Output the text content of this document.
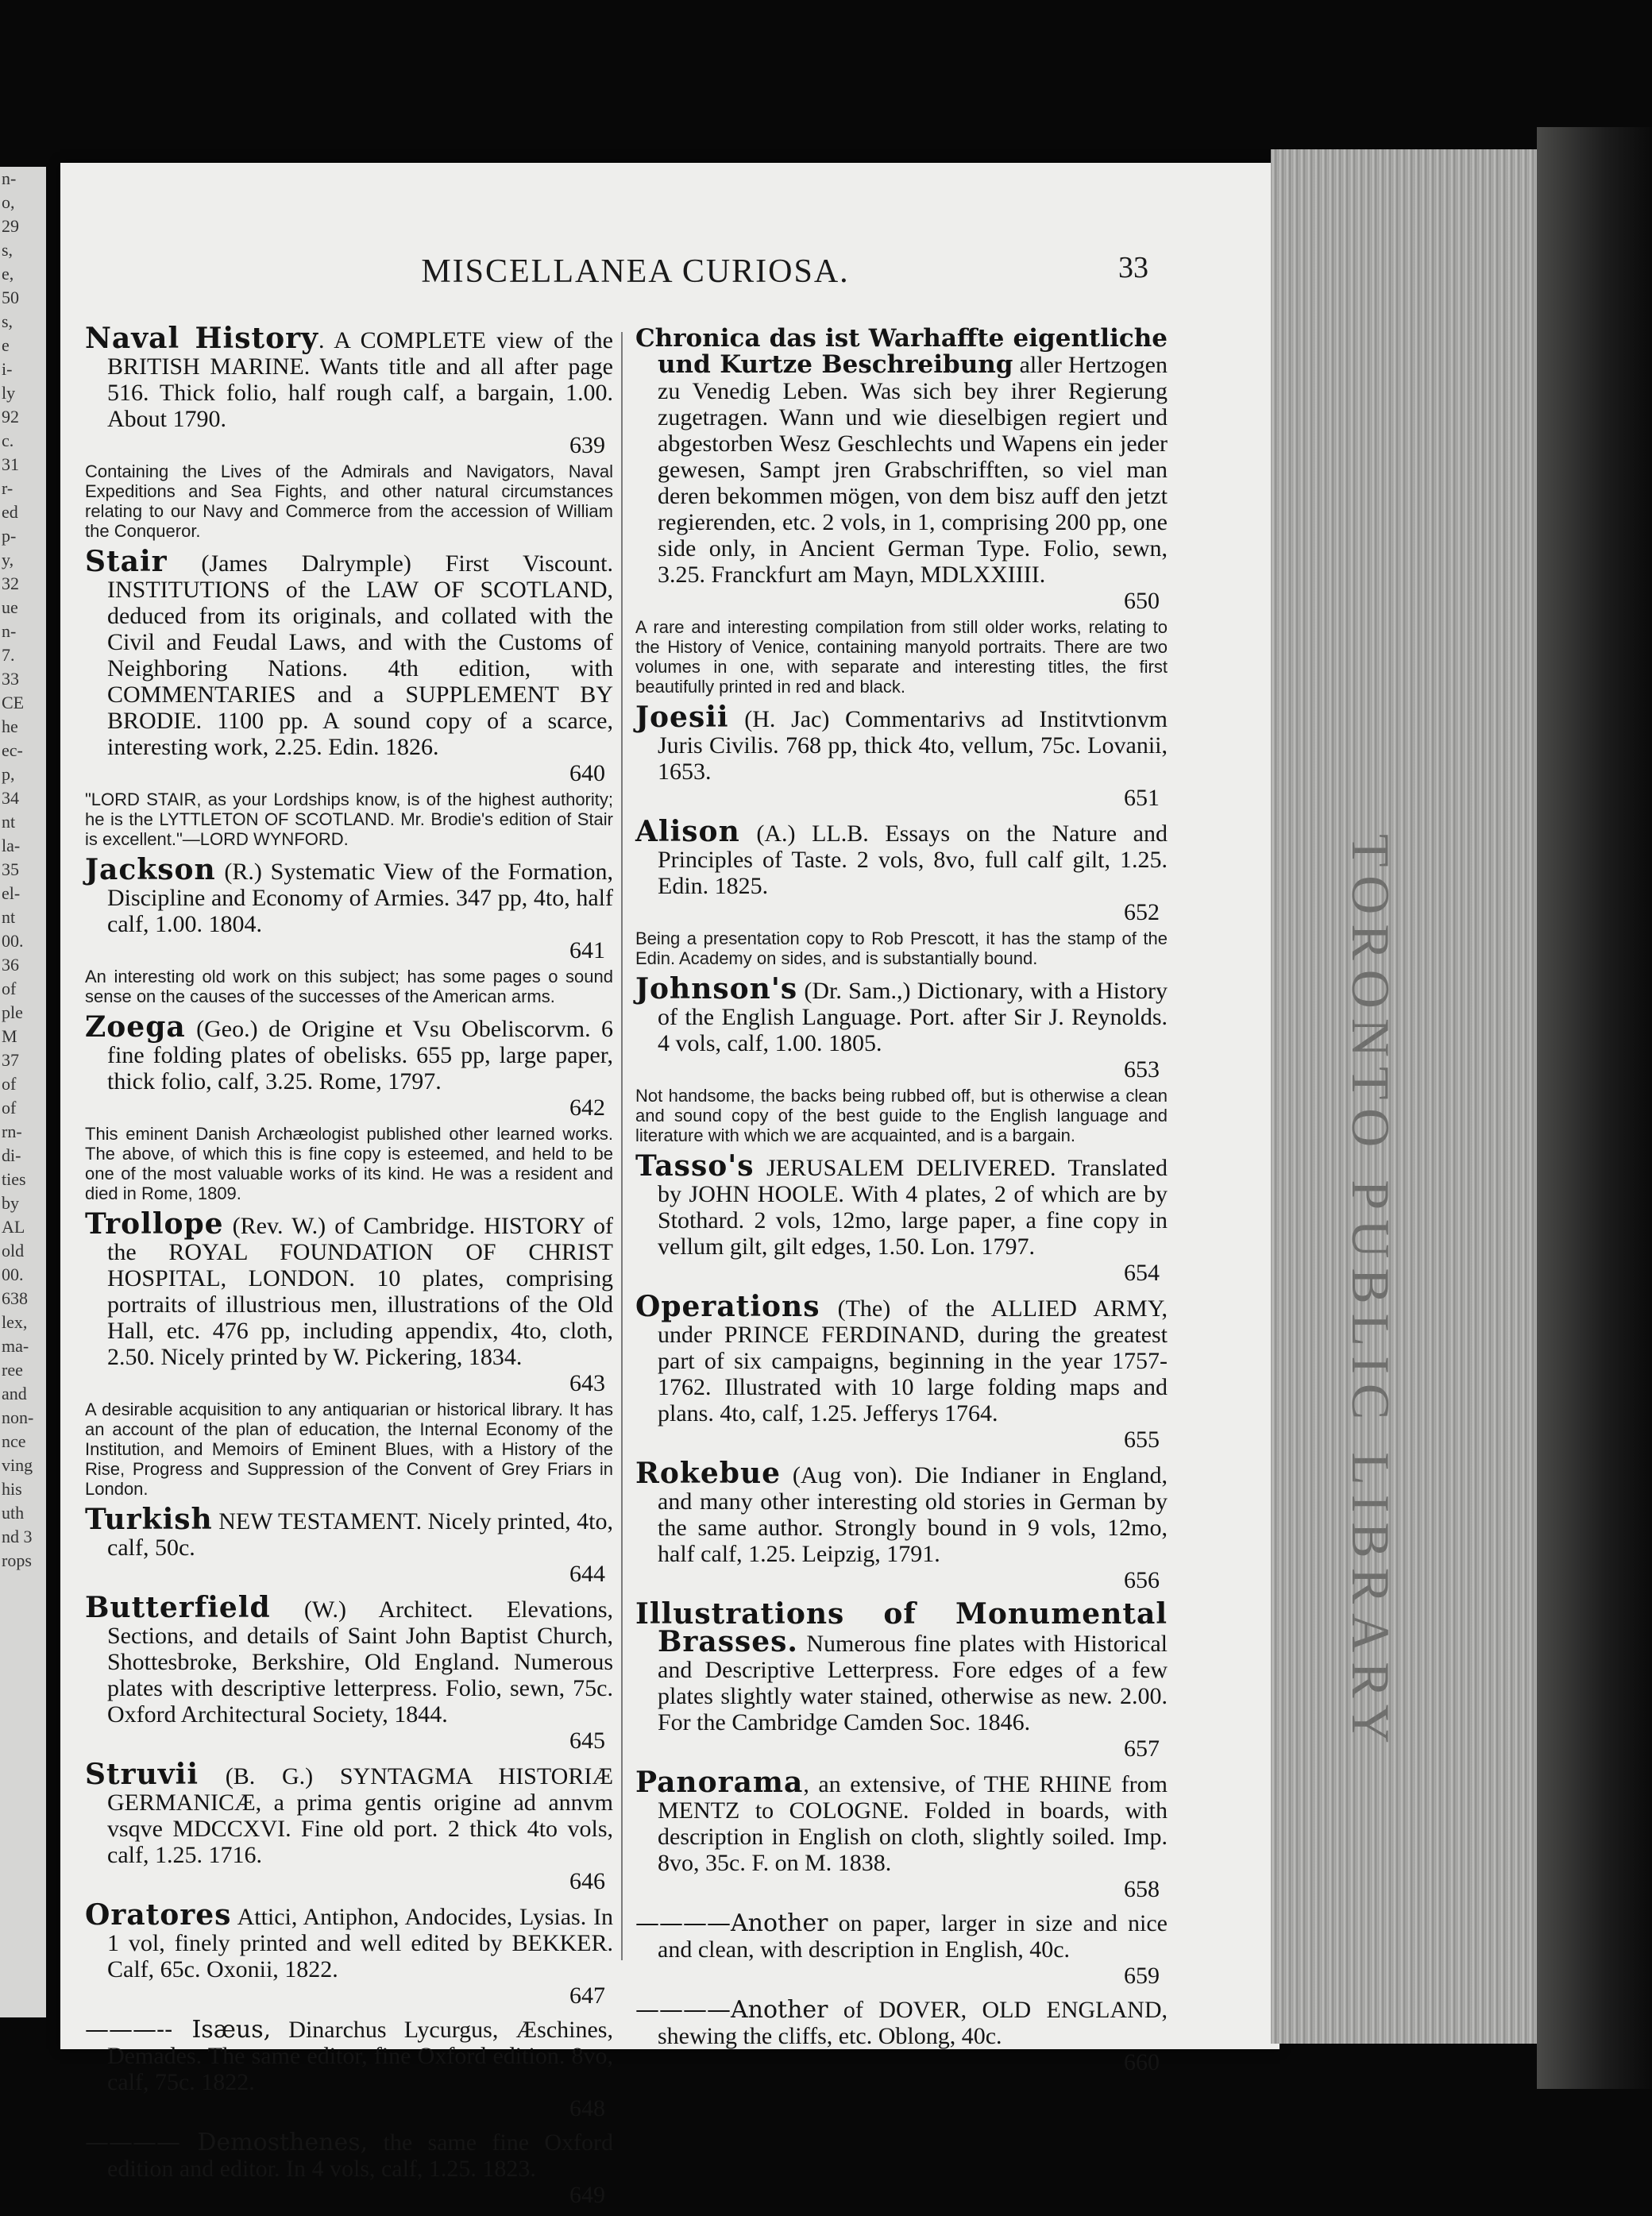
n-
o,
29
s,
e,
50
s,
e
i-
ly
92
c.
31
r-
ed
p-
y,
32
ue
n-
7.
33
CE
he
ec-
p,
34
nt
la-
35
el-
nt
00.
36
of
ple
M
37
of
of
rn-
di-
ties
by
AL
old
00.
638
lex,
ma-
ree
and
non-
nce
ving
his
uth
nd 3
rops	TORONTO PUBLIC LIBRARY
MISCELLANEA CURIOSA.	33

Naval History. A COMPLETE view of the BRITISH MARINE. Wants title and all after page 516. Thick folio, half rough calf, a bargain, 1.00. About 1790.
639

Containing the Lives of the Admirals and Navigators, Naval Expeditions and Sea Fights, and other natural circumstances relating to our Navy and Commerce from the accession of William the Conqueror.

Stair (James Dalrymple) First Viscount. INSTITUTIONS of the LAW OF SCOTLAND, deduced from its originals, and collated with the Civil and Feudal Laws, and with the Customs of Neighboring Nations. 4th edition, with COMMENTARIES and a SUPPLEMENT BY BRODIE. 1100 pp. A sound copy of a scarce, interesting work, 2.25. Edin. 1826.
640

"LORD STAIR, as your Lordships know, is of the highest authority; he is the LYTTLETON OF SCOTLAND. Mr. Brodie's edition of Stair is excellent."—LORD WYNFORD.

Jackson (R.) Systematic View of the Formation, Discipline and Economy of Armies. 347 pp, 4to, half calf, 1.00. 1804.
641

An interesting old work on this subject; has some pages o sound sense on the causes of the successes of the American arms.

Zoega (Geo.) de Origine et Vsu Obeliscorvm. 6 fine folding plates of obelisks. 655 pp, large paper, thick folio, calf, 3.25. Rome, 1797.
642

This eminent Danish Archæologist published other learned works. The above, of which this is fine copy is esteemed, and held to be one of the most valuable works of its kind. He was a resident and died in Rome, 1809.

Trollope (Rev. W.) of Cambridge. HISTORY of the ROYAL FOUNDATION OF CHRIST HOSPITAL, LONDON. 10 plates, comprising portraits of illustrious men, illustrations of the Old Hall, etc. 476 pp, including appendix, 4to, cloth, 2.50. Nicely printed by W. Pickering, 1834.
643

A desirable acquisition to any antiquarian or historical library. It has an account of the plan of education, the Internal Economy of the Institution, and Memoirs of Eminent Blues, with a History of the Rise, Progress and Suppression of the Convent of Grey Friars in London.

Turkish NEW TESTAMENT. Nicely printed, 4to, calf, 50c.
644

Butterfield (W.) Architect. Elevations, Sections, and details of Saint John Baptist Church, Shottesbroke, Berkshire, Old England. Numerous plates with descriptive letterpress. Folio, sewn, 75c. Oxford Architectural Society, 1844.
645

Struvii (B. G.) SYNTAGMA HISTORIÆ GERMANICÆ, a prima gentis origine ad annvm vsqve MDCCXVI. Fine old port. 2 thick 4to vols, calf, 1.25. 1716.
646

Oratores Attici, Antiphon, Andocides, Lysias. In 1 vol, finely printed and well edited by BEKKER. Calf, 65c. Oxonii, 1822.
647

———-- Isæus, Dinarchus Lycurgus, Æschines, Demades. The same editor, fine Oxford edition. 8vo, calf, 75c. 1822.
648

———— Demosthenes, the same fine Oxford edition and editor. In 4 vols, calf, 1.25. 1823.
649

Chronica das ist Warhaffte eigentliche und Kurtze Beschreibung aller Hertzogen zu Venedig Leben. Was sich bey ihrer Regierung zugetragen. Wann und wie dieselbigen regiert und abgestorben Wesz Geschlechts und Wapens ein jeder gewesen, Sampt jren Grabschrifften, so viel man deren bekommen mögen, von dem bisz auff den jetzt regierenden, etc. 2 vols, in 1, comprising 200 pp, one side only, in Ancient German Type. Folio, sewn, 3.25. Franckfurt am Mayn, MDLXXIIII.
650

A rare and interesting compilation from still older works, relating to the History of Venice, containing manyold portraits. There are two volumes in one, with separate and interesting titles, the first beautifully printed in red and black.

Joesii (H. Jac) Commentarivs ad Institvtionvm Juris Civilis. 768 pp, thick 4to, vellum, 75c. Lovanii, 1653.
651

Alison (A.) LL.B. Essays on the Nature and Principles of Taste. 2 vols, 8vo, full calf gilt, 1.25. Edin. 1825.
652

Being a presentation copy to Rob Prescott, it has the stamp of the Edin. Academy on sides, and is substantially bound.

Johnson's (Dr. Sam.,) Dictionary, with a History of the English Language. Port. after Sir J. Reynolds. 4 vols, calf, 1.00. 1805.
653

Not handsome, the backs being rubbed off, but is otherwise a clean and sound copy of the best guide to the English language and literature with which we are acquainted, and is a bargain.

Tasso's JERUSALEM DELIVERED. Translated by JOHN HOOLE. With 4 plates, 2 of which are by Stothard. 2 vols, 12mo, large paper, a fine copy in vellum gilt, gilt edges, 1.50. Lon. 1797.
654

Operations (The) of the ALLIED ARMY, under PRINCE FERDINAND, during the greatest part of six campaigns, beginning in the year 1757-1762. Illustrated with 10 large folding maps and plans. 4to, calf, 1.25. Jefferys 1764.
655

Rokebue (Aug von). Die Indianer in England, and many other interesting old stories in German by the same author. Strongly bound in 9 vols, 12mo, half calf, 1.25. Leipzig, 1791.
656

Illustrations of Monumental Brasses. Numerous fine plates with Historical and Descriptive Letterpress. Fore edges of a few plates slightly water stained, otherwise as new. 2.00. For the Cambridge Camden Soc. 1846.
657

Panorama, an extensive, of THE RHINE from MENTZ to COLOGNE. Folded in boards, with description in English on cloth, slightly soiled. Imp. 8vo, 35c. F. on M. 1838.
658

————Another on paper, larger in size and nice and clean, with description in English, 40c.
659

————Another of DOVER, OLD ENGLAND, shewing the cliffs, etc. Oblong, 40c.
660
